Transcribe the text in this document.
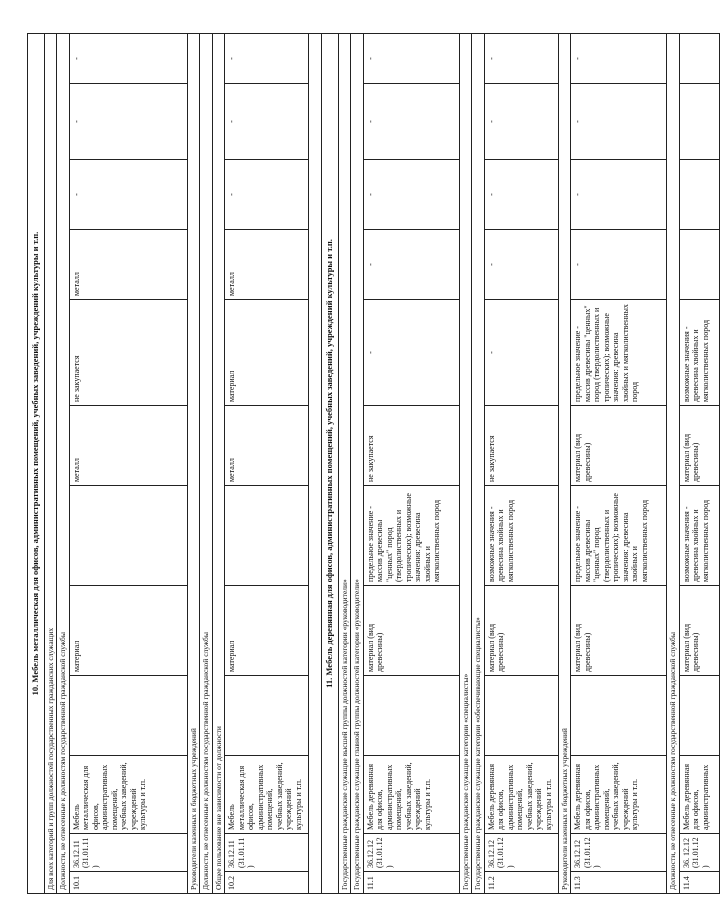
10. Мебель металлическая для офисов, административных помещений, учебных заведений, учреждений культуры и т.п.											
Для всех категорий и групп должностей государственных гражданских служащих											
Должности, не отнесенные к должностям государственной гражданской службы											
10.1	36.12.11 (31.01.11)	Мебель металлическая для офисов, административных помещений, учебных заведений, учреждений культуры и т.п.		материал		металл	не закупается	металл	-	-	-
Руководители казенных и бюджетных учреждений											
Должности, не отнесенные к должностям государственной гражданской службы											
Общее пользование вне зависимости от должности											
10.2	36.12.11 (31.01.11)	Мебель металлическая для офисов, административных помещений, учебных заведений, учреждений культуры и т.п.		материал		металл	материал	металл	-	-	-

11. Мебель деревянная для офисов, административных помещений, учебных заведений, учреждений культуры и т.п.											
Государственные гражданские служащие высшей группы должностей категории «руководители»											
Государственные гражданские служащие главной группы должностей категории «руководители»											
11.1	36.12.12 (31.01.12)	Мебель деревянная для офисов, административных помещений, учебных заведений, учреждений культуры и т.п.		материал (вид древесины)	предельное значение - массив древесины "ценных" пород (твердолиственных и тропических); возможные значения: древесина хвойных и мягколиственных пород	не закупается	-	-	-	-	-
Государственные гражданские служащие категории «специалисты»											
Государственные гражданские служащие категории «обеспечивающие специалисты»											
11.2	36.12.12 (31.01.12)	Мебель деревянная для офисов, административных помещений, учебных заведений, учреждений культуры и т.п.		материал (вид древесины)	возможные значения - древесина хвойных и мягколиственных пород	не закупается	-	-	-	-	-
Руководители казенных и бюджетных учреждений											
11.3	36.12.12 (31.01.12)	Мебель деревянная для офисов, административных помещений, учебных заведений, учреждений культуры и т.п.		материал (вид древесины)	предельное значение - массив древесины "ценных" пород (твердолиственных и тропических); возможные значения: древесина хвойных и мягколиственных пород	материал (вид древесины)	предельное значение - массив древесины "ценных" пород (твердолиственных и тропических); возможные значения: древесина хвойных и мягколиственных пород	-	-	-	-
Должности, не отнесенные к должностям государственной гражданской службы											
11.4	36. 12.12 (31.01.12)	Мебель деревянная для офисов, административных		материал (вид древесины)	возможные значения - древесина хвойных и мягколиственных пород	материал (вид древесины)	возможные значения - древесина хвойных и мягколиственных пород				
